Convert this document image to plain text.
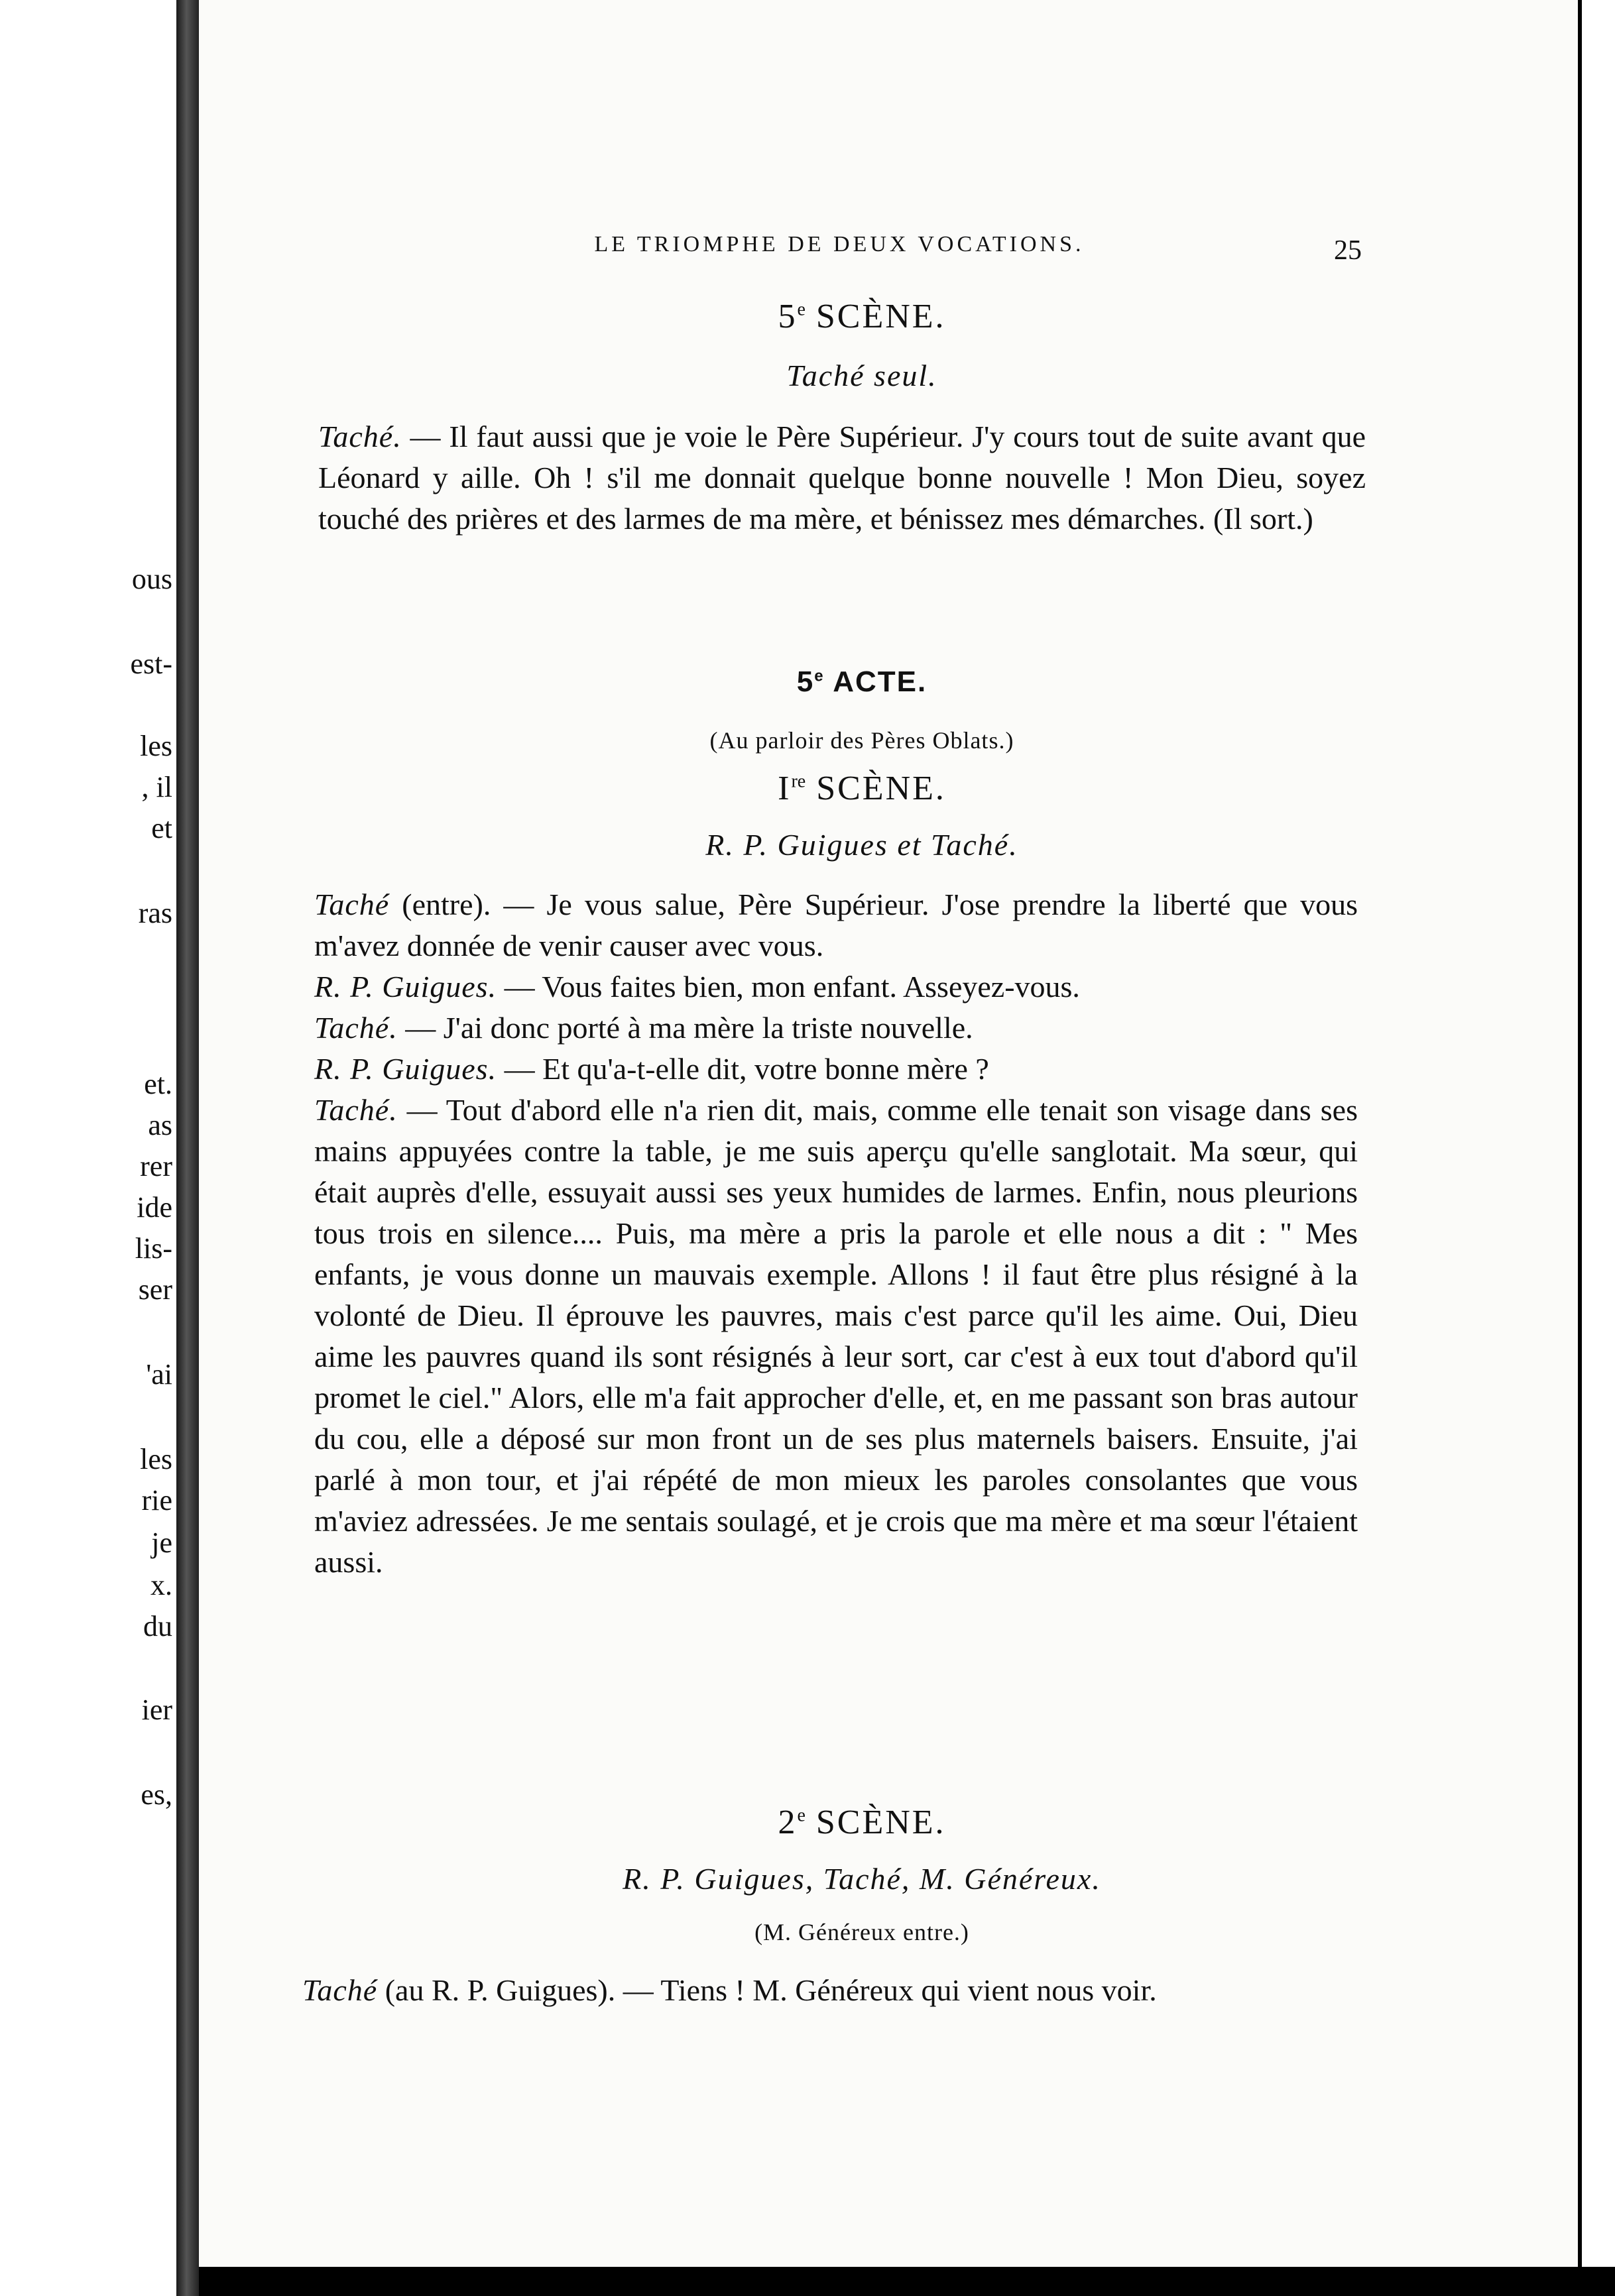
ous
est-
les
, il
et
ras
et.
as
rer
ide
lis-
ser
'ai
les
rie
je
x.
du
ier
es,
LE TRIOMPHE DE DEUX VOCATIONS.	25
5e SCÈNE.
Taché seul.
Taché. — Il faut aussi que je voie le Père Supérieur. J'y cours tout de suite avant que Léonard y aille. Oh ! s'il me donnait quelque bonne nouvelle ! Mon Dieu, soyez touché des prières et des larmes de ma mère, et bénissez mes démarches. (Il sort.)
5e ACTE.
(Au parloir des Pères Oblats.)
Ire SCÈNE.
R. P. Guigues et Taché.
Taché (entre). — Je vous salue, Père Supérieur. J'ose prendre la liberté que vous m'avez donnée de venir causer avec vous.
R. P. Guigues. — Vous faites bien, mon enfant. Asseyez-vous.
Taché. — J'ai donc porté à ma mère la triste nouvelle.
R. P. Guigues. — Et qu'a-t-elle dit, votre bonne mère ?
Taché. — Tout d'abord elle n'a rien dit, mais, comme elle tenait son visage dans ses mains appuyées contre la table, je me suis aperçu qu'elle sanglotait. Ma sœur, qui était auprès d'elle, essuyait aussi ses yeux humides de larmes. Enfin, nous pleurions tous trois en silence.... Puis, ma mère a pris la parole et elle nous a dit : " Mes enfants, je vous donne un mauvais exemple. Allons ! il faut être plus résigné à la volonté de Dieu. Il éprouve les pauvres, mais c'est parce qu'il les aime. Oui, Dieu aime les pauvres quand ils sont résignés à leur sort, car c'est à eux tout d'abord qu'il promet le ciel." Alors, elle m'a fait approcher d'elle, et, en me passant son bras autour du cou, elle a déposé sur mon front un de ses plus maternels baisers. Ensuite, j'ai parlé à mon tour, et j'ai répété de mon mieux les paroles consolantes que vous m'aviez adressées. Je me sentais soulagé, et je crois que ma mère et ma sœur l'étaient aussi.
2e SCÈNE.
R. P. Guigues, Taché, M. Généreux.
(M. Généreux entre.)
Taché (au R. P. Guigues). — Tiens ! M. Généreux qui vient nous voir.
